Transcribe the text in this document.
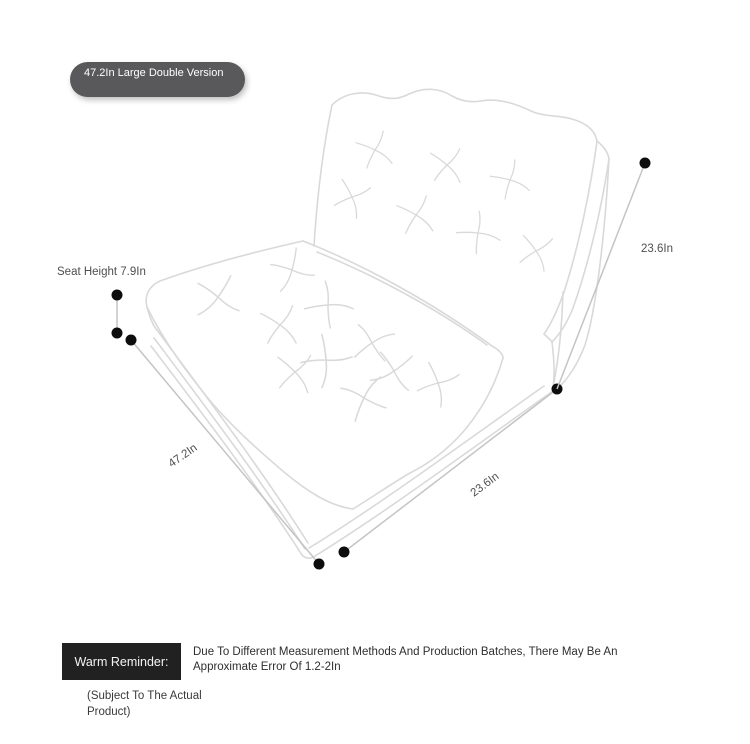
47.2In Large Double Version
Seat Height 7.9In
47.2In
23.6In
23.6In
Warm Reminder:
Due To Different Measurement Methods And Production Batches, There May Be An Approximate Error Of 1.2-2In
(Subject To The Actual Product)
